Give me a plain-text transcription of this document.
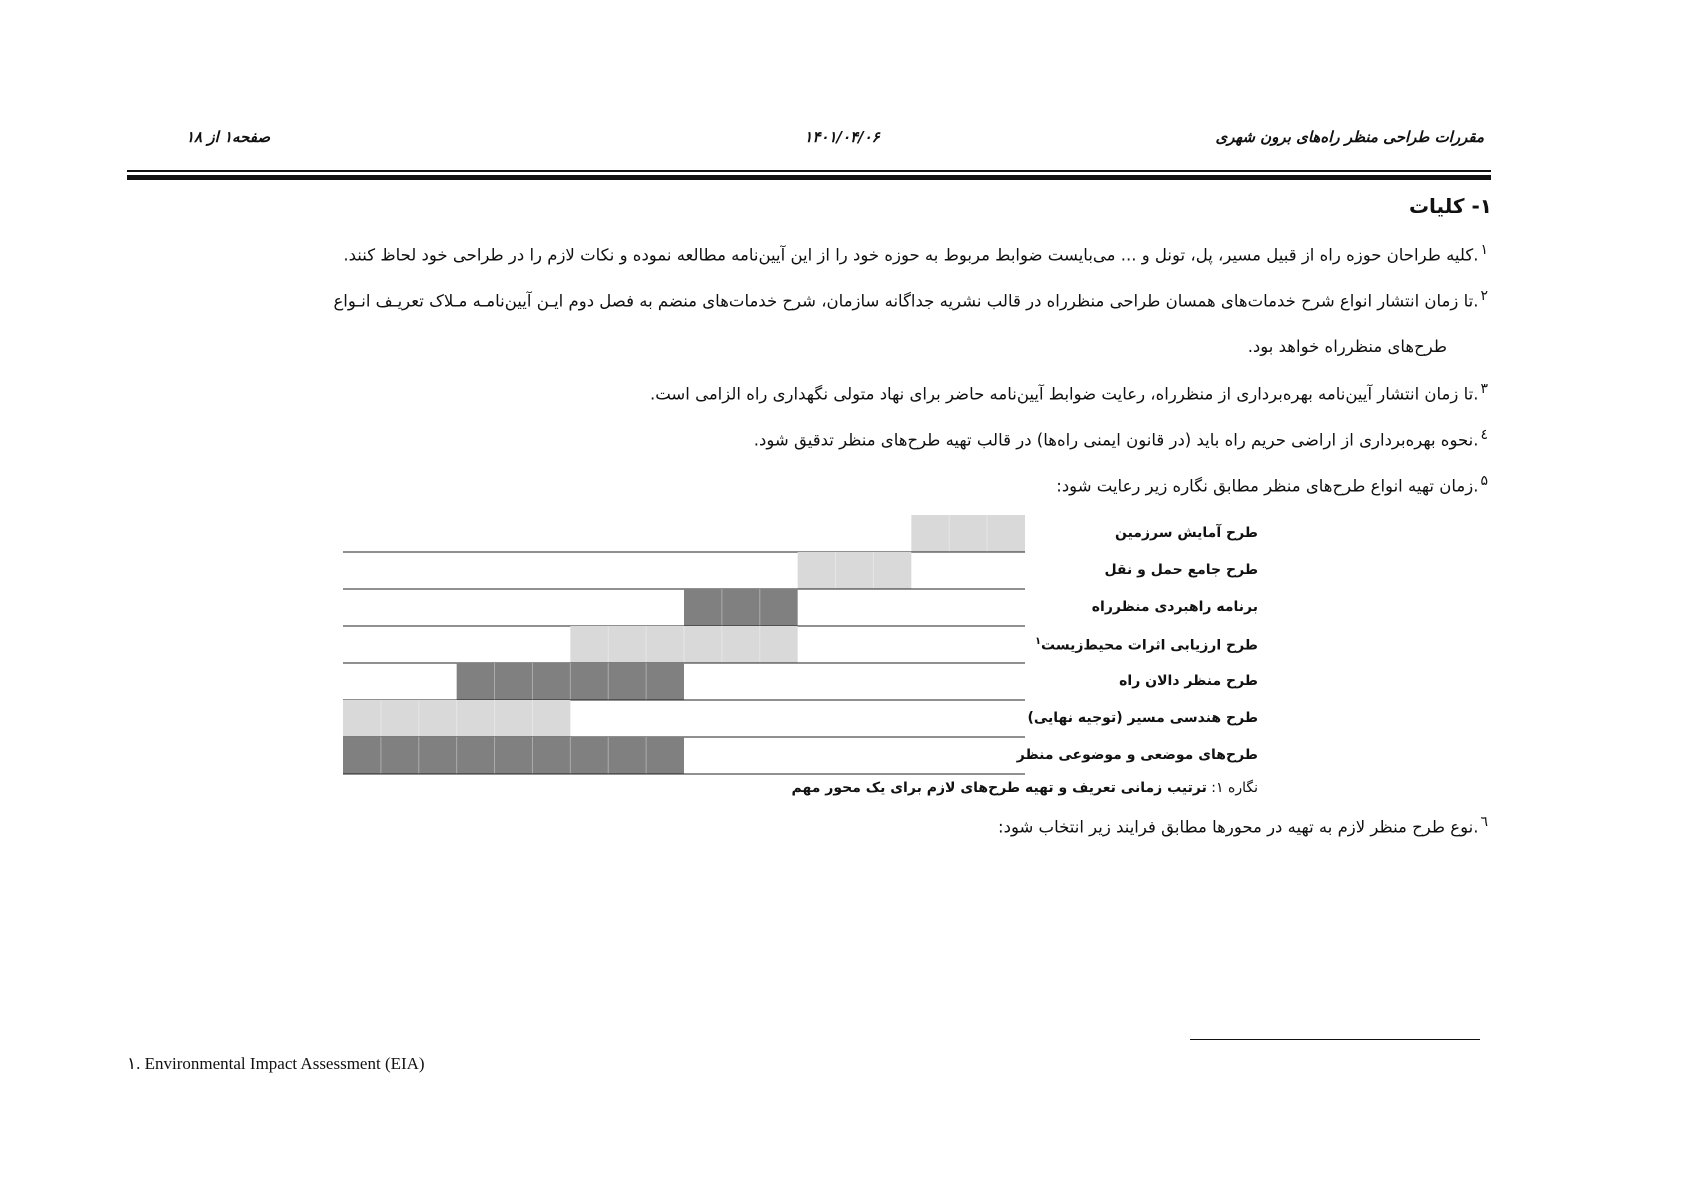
مقررات طراحی منظر راه‌های برون شهری
۱۴۰۱/۰۴/۰۶
صفحه۱ از ۱۸
۱- کلیات
$^۱$.کلیه طراحان حوزه راه از قبیل مسیر، پل، تونل و ... می‌بایست ضوابط مربوط به حوزه خود را از این آیین‌نامه مطالعه نموده و نکات لازم را در طراحی خود لحاظ کنند.
$^۲$.تا زمان انتشار انواع شرح خدمات‌های همسان طراحی منظرراه در قالب نشریه جداگانه سازمان، شرح خدمات‌های منضم به فصل دوم ایـن آیین‌نامـه مـلاک تعریـف انـواع
طرح‌های منظرراه خواهد بود.
$^۳$.تا زمان انتشار آیین‌نامه بهره‌برداری از منظرراه، رعایت ضوابط آیین‌نامه حاضر برای نهاد متولی نگهداری راه الزامی است.
$^٤$.نحوه بهره‌برداری از اراضی حریم راه باید (در قانون ایمنی راه‌ها) در قالب تهیه طرح‌های منظر تدقیق شود.
$^۵$.زمان تهیه انواع طرح‌های منظر مطابق نگاره زیر رعایت شود:
طرح آمایش سرزمین
طرح جامع حمل و نقل
برنامه راهبردی منظرراه
طرح ارزیابی اثرات محیط‌زیست$^۱$
طرح منظر دالان راه
طرح هندسی مسیر (توجیه نهایی)
طرح‌های موضعی و موضوعی منظر
نگاره ۱: ترتیب زمانی تعریف و تهیه طرح‌های لازم برای یک محور مهم
$^٦$.نوع طرح منظر لازم به تهیه در محورها مطابق فرایند زیر انتخاب شود:
۱. Environmental Impact Assessment (EIA)
